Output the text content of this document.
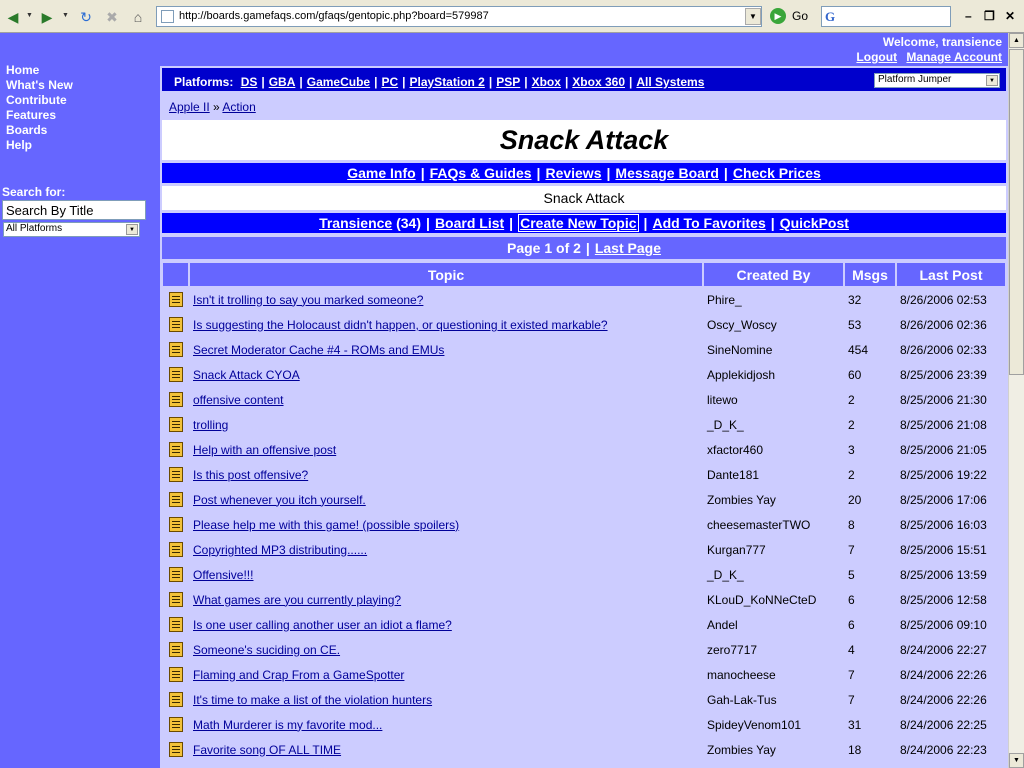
◀	▼ ▶	▼ ↻ ✖	⌂	http://boards.gamefaqs.com/gfaqs/gentopic.php?board=579987	▼	▶ Go G	– ❐ ✕
▲
▼
Welcome, transience
Logout Manage Account
Home
What's New
Contribute
Features
Boards
Help
Search for:
Search By Title
All Platforms	▼
Platforms: DS | GBA | GameCube | PC | PlayStation 2 | PSP | Xbox | Xbox 360 | All Systems	Platform Jumper	▼
Apple II » Action
Snack Attack
Game Info | FAQs & Guides | Reviews | Message Board | Check Prices
Snack Attack
Transience (34) | Board List | Create New Topic | Add To Favorites | QuickPost
Page 1 of 2 | Last Page
	Topic	Created By	Msgs	Last Post
	Isn't it trolling to say you marked someone?	Phire_	32	8/26/2006 02:53
	Is suggesting the Holocaust didn't happen, or questioning it existed markable?	Oscy_Woscy	53	8/26/2006 02:36
	Secret Moderator Cache #4 - ROMs and EMUs	SineNomine	454	8/26/2006 02:33
	Snack Attack CYOA	Applekidjosh	60	8/25/2006 23:39
	offensive content	litewo	2	8/25/2006 21:30
	trolling	_D_K_	2	8/25/2006 21:08
	Help with an offensive post	xfactor460	3	8/25/2006 21:05
	Is this post offensive?	Dante181	2	8/25/2006 19:22
	Post whenever you itch yourself.	Zombies Yay	20	8/25/2006 17:06
	Please help me with this game! (possible spoilers)	cheesemasterTWO	8	8/25/2006 16:03
	Copyrighted MP3 distributing......	Kurgan777	7	8/25/2006 15:51
	Offensive!!!	_D_K_	5	8/25/2006 13:59
	What games are you currently playing?	KLouD_KoNNeCteD	6	8/25/2006 12:58
	Is one user calling another user an idiot a flame?	Andel	6	8/25/2006 09:10
	Someone's suciding on CE.	zero7717	4	8/24/2006 22:27
	Flaming and Crap From a GameSpotter	manocheese	7	8/24/2006 22:26
	It's time to make a list of the violation hunters	Gah-Lak-Tus	7	8/24/2006 22:26
	Math Murderer is my favorite mod...	SpideyVenom101	31	8/24/2006 22:25
	Favorite song OF ALL TIME	Zombies Yay	18	8/24/2006 22:23
